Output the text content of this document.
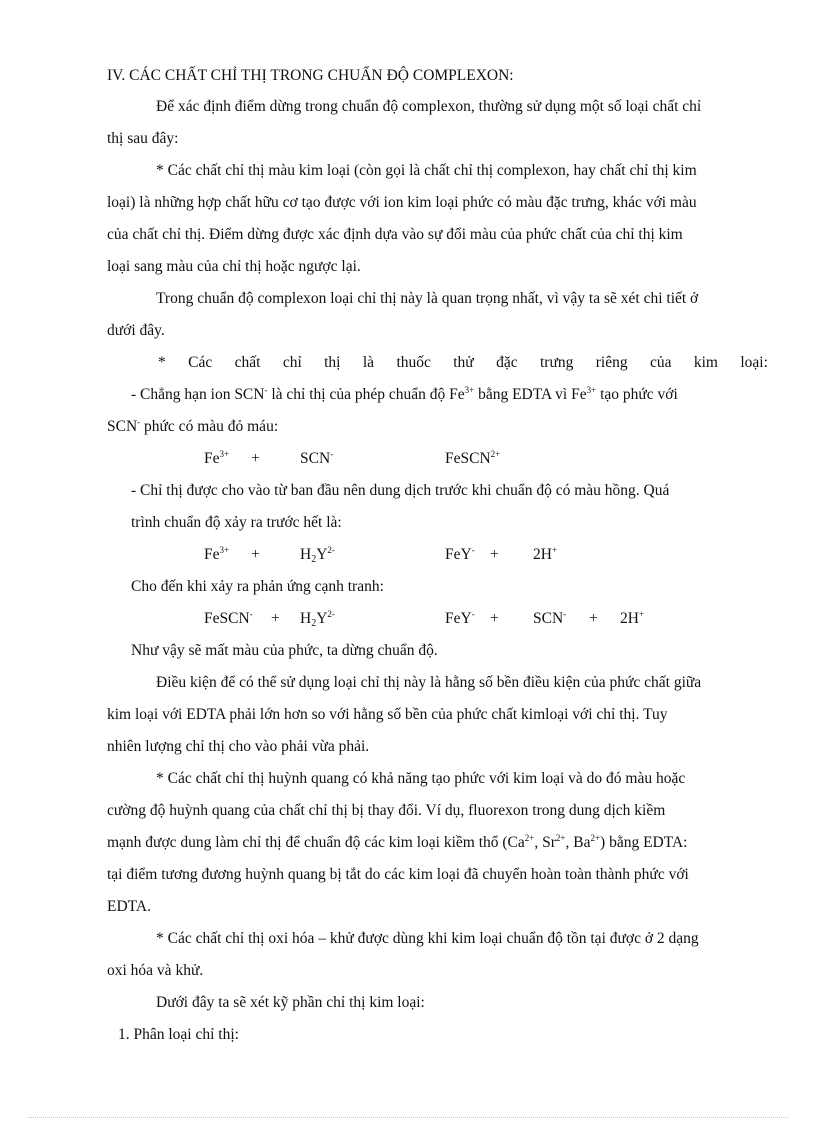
IV. CÁC CHẤT CHỈ THỊ TRONG CHUẨN ĐỘ COMPLEXON:
Để xác định điểm dừng trong chuẩn độ complexon, thường sử dụng một số loại chất chỉ
thị sau đây:
* Các chất chỉ thị màu kim loại (còn gọi là chất chỉ thị complexon, hay chất chỉ thị kim
loại) là những hợp chất hữu cơ tạo được với ion kim loại phức có màu đặc trưng, khác với màu
của chất chỉ thị. Điểm dừng được xác định dựa vào sự đổi màu của phức chất của chỉ thị kim
loại sang màu của chỉ thị hoặc ngược lại.
Trong chuẩn độ complexon loại chỉ thị này là quan trọng nhất, vì vậy ta sẽ xét chi tiết ở
dưới đây.
* Các chất chỉ thị là thuốc thử đặc trưng riêng của kim loại:
- Chẳng hạn ion SCN- là chỉ thị của phép chuẩn độ $Fe^{3+}$ bằng EDTA vì $Fe^{3+}$ tạo phức với
SCN- phức có màu đỏ máu:
$Fe^{3+}$ +	SCN-	FeSCN$^{2+}$
- Chỉ thị được cho vào từ ban đầu nên dung dịch trước khi chuẩn độ có màu hồng. Quá
trình chuẩn độ xảy ra trước hết là:
$Fe^{3+}$ +	$H_2Y^{2-}$	FeY- + 2H+
Cho đến khi xảy ra phản ứng cạnh tranh:
FeSCN- + $H_2Y^{2-}$	FeY- + SCN- + 2H+
Như vậy sẽ mất màu của phức, ta dừng chuẩn độ.
Điều kiện để có thể sử dụng loại chỉ thị này là hằng số bền điều kiện của phức chất giữa
kim loại với EDTA phải lớn hơn so với hằng số bền của phức chất kimloại với chỉ thị. Tuy
nhiên lượng chỉ thị cho vào phải vừa phải.
* Các chất chỉ thị huỳnh quang có khả năng tạo phức với kim loại và do đó màu hoặc
cường độ huỳnh quang của chất chỉ thị bị thay đổi. Ví dụ, fluorexon trong dung dịch kiềm
mạnh được dung làm chỉ thị để chuẩn độ các kim loại kiềm thổ ($Ca^{2+}$, $Sr^{2+}$, $Ba^{2+}$) bằng EDTA:
tại điểm tương đương huỳnh quang bị tắt do các kim loại đã chuyển hoàn toàn thành phức với
EDTA.
* Các chất chỉ thị oxi hóa – khử được dùng khi kim loại chuẩn độ tồn tại được ở 2 dạng
oxi hóa và khử.
Dưới đây ta sẽ xét kỹ phần chỉ thị kim loại:
1. Phân loại chỉ thị:
